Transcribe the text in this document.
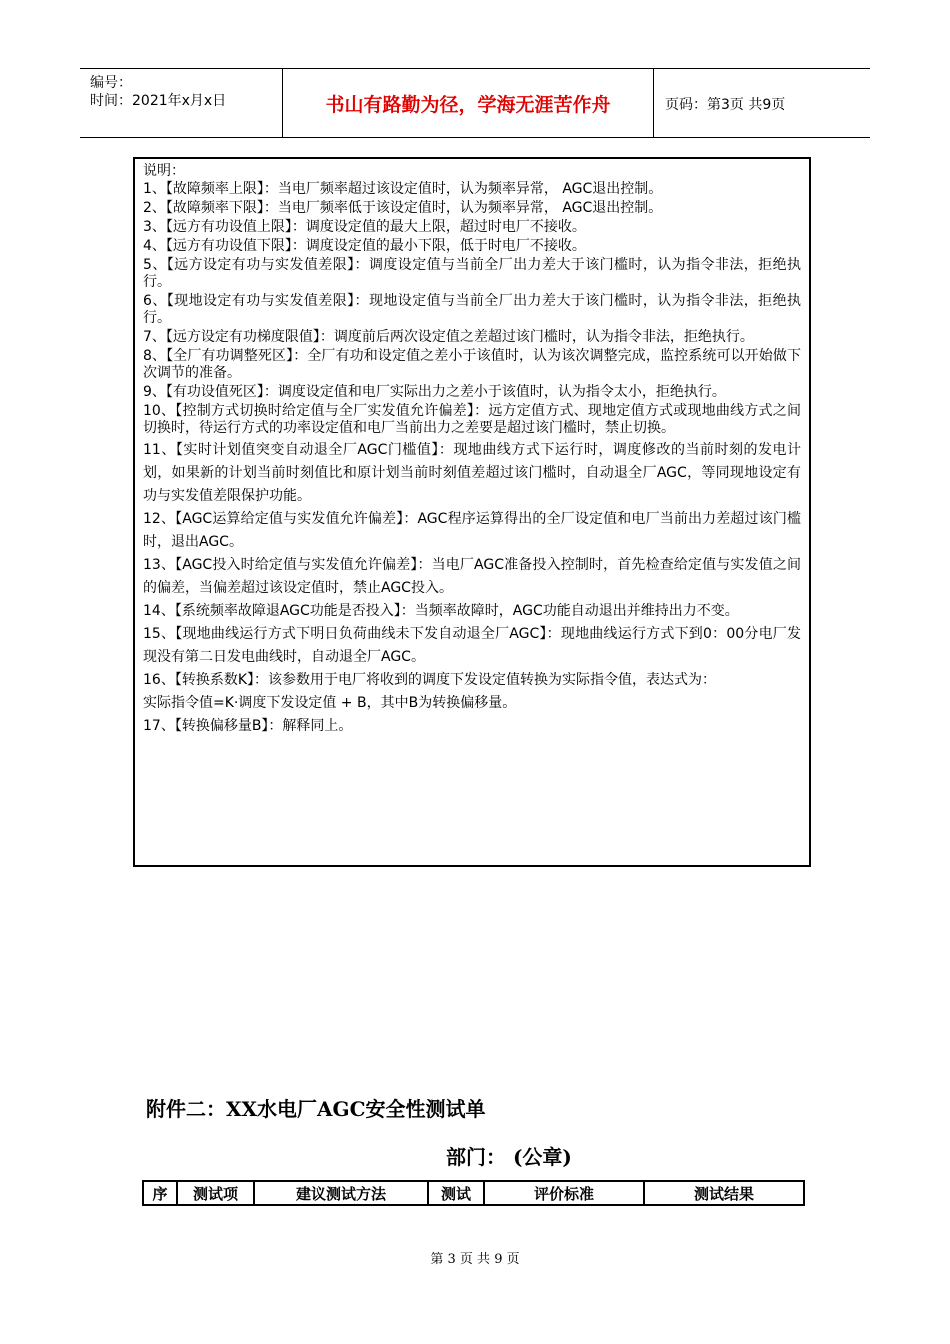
编号：
时间：2021年x月x日	书山有路勤为径，学海无涯苦作舟	页码：第3页 共9页
说明：

1、【故障频率上限】：当电厂频率超过该设定值时，认为频率异常， AGC退出控制。

2、【故障频率下限】：当电厂频率低于该设定值时，认为频率异常， AGC退出控制。

3、【远方有功设值上限】：调度设定值的最大上限，超过时电厂不接收。

4、【远方有功设值下限】：调度设定值的最小下限，低于时电厂不接收。

5、【远方设定有功与实发值差限】：调度设定值与当前全厂出力差大于该门槛时，认为指令非法，拒绝执行。

6、【现地设定有功与实发值差限】：现地设定值与当前全厂出力差大于该门槛时，认为指令非法，拒绝执行。

7、【远方设定有功梯度限值】：调度前后两次设定值之差超过该门槛时，认为指令非法，拒绝执行。

8、【全厂有功调整死区】：全厂有功和设定值之差小于该值时，认为该次调整完成，监控系统可以开始做下次调节的准备。

9、【有功设值死区】：调度设定值和电厂实际出力之差小于该值时，认为指令太小，拒绝执行。

10、【控制方式切换时给定值与全厂实发值允许偏差】：远方定值方式、现地定值方式或现地曲线方式之间切换时，待运行方式的功率设定值和电厂当前出力之差要是超过该门槛时，禁止切换。

11、【实时计划值突变自动退全厂AGC门槛值】：现地曲线方式下运行时，调度修改的当前时刻的发电计划，如果新的计划当前时刻值比和原计划当前时刻值差超过该门槛时，自动退全厂AGC，等同现地设定有功与实发值差限保护功能。

12、【AGC运算给定值与实发值允许偏差】：AGC程序运算得出的全厂设定值和电厂当前出力差超过该门槛时，退出AGC。

13、【AGC投入时给定值与实发值允许偏差】：当电厂AGC准备投入控制时，首先检查给定值与实发值之间的偏差，当偏差超过该设定值时，禁止AGC投入。

14、【系统频率故障退AGC功能是否投入】：当频率故障时，AGC功能自动退出并维持出力不变。

15、【现地曲线运行方式下明日负荷曲线未下发自动退全厂AGC】：现地曲线运行方式下到0：00分电厂发现没有第二日发电曲线时，自动退全厂AGC。

16、【转换系数K】：该参数用于电厂将收到的调度下发设定值转换为实际指令值，表达式为：

实际指令值=K·调度下发设定值 + B，其中B为转换偏移量。

17、【转换偏移量B】：解释同上。

附件二：XX水电厂AGC安全性测试单
部门： (公章)
序	测试项	建议测试方法	测试	评价标准	测试结果
第 3 页 共 9 页
